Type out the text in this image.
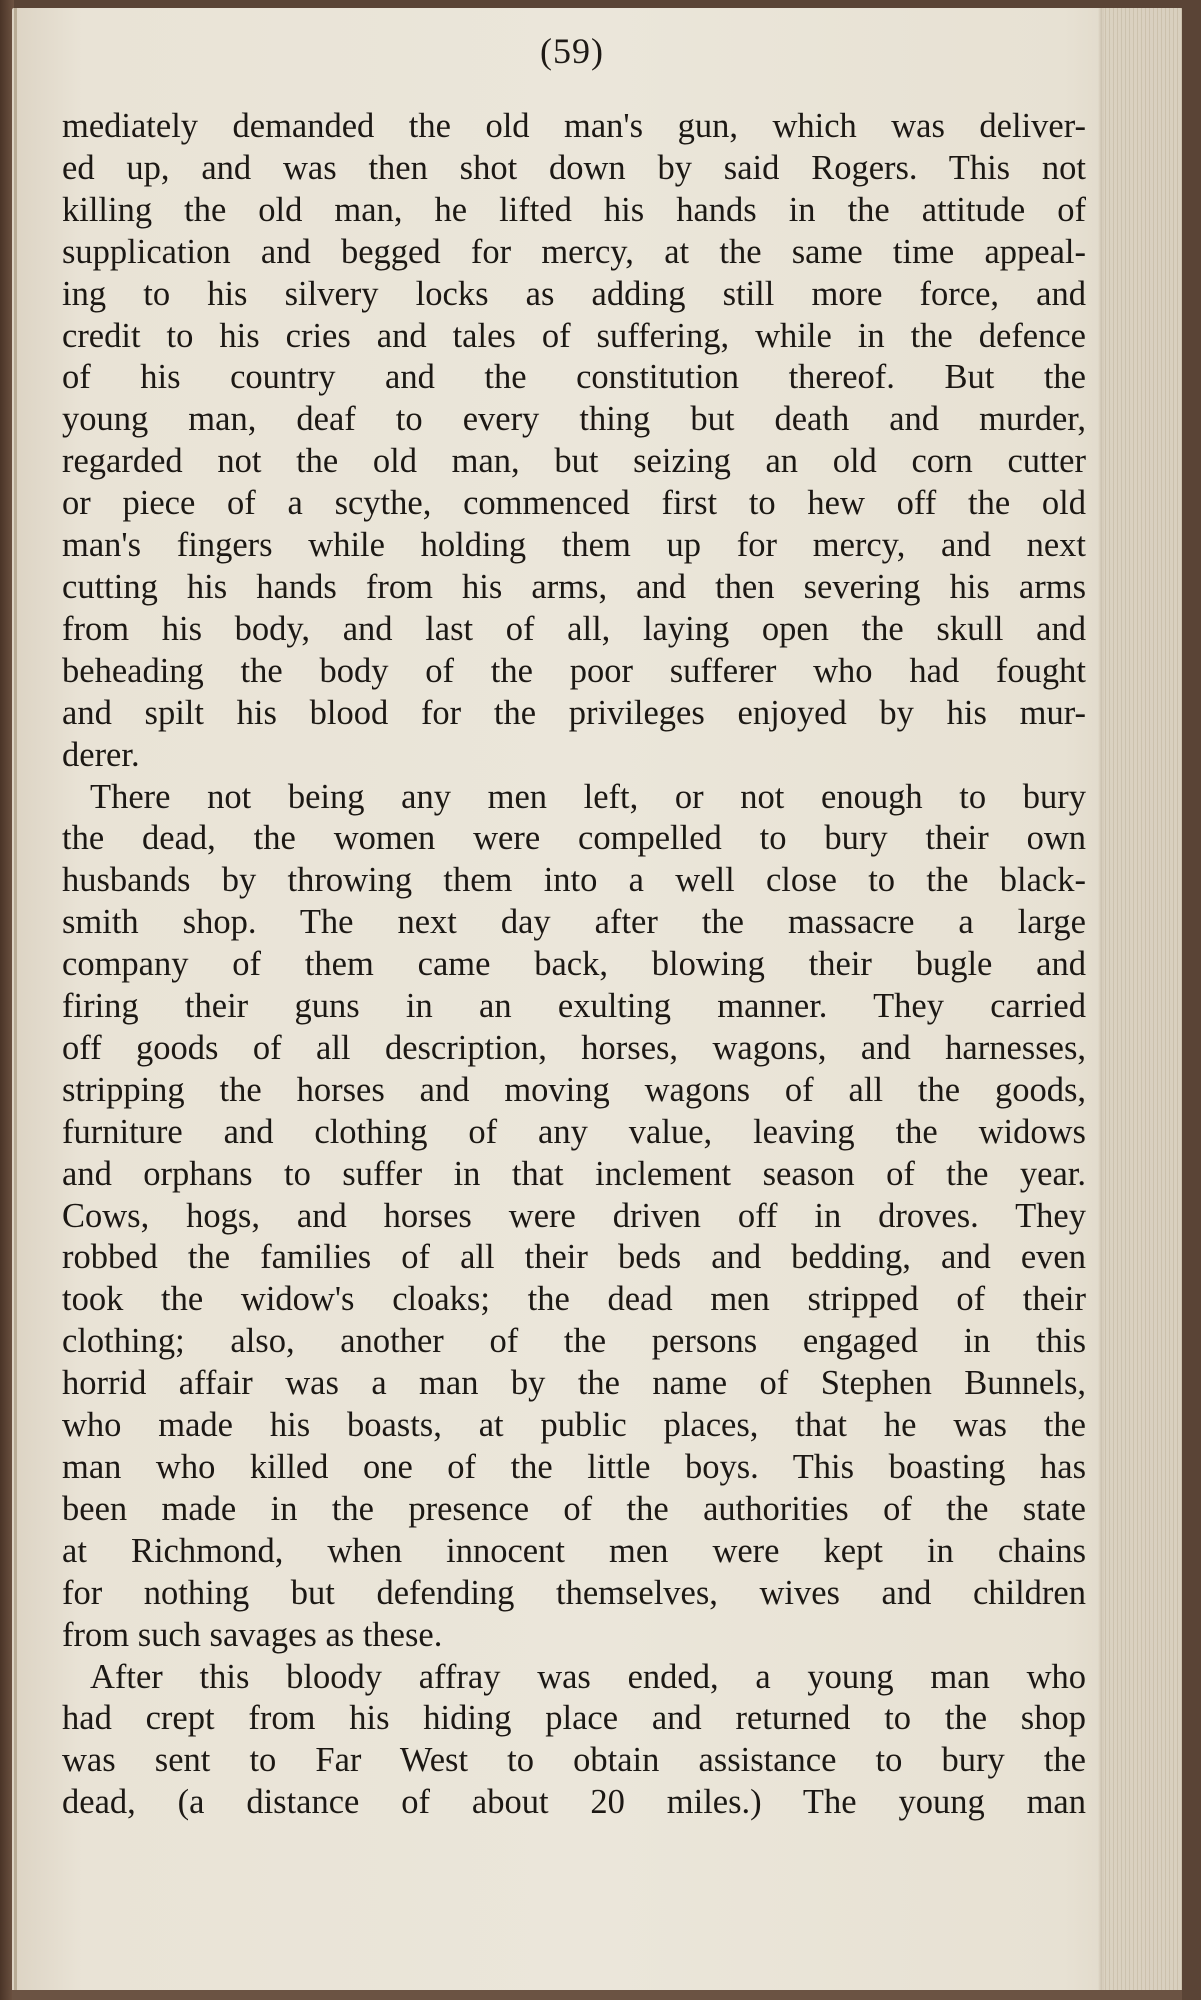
(59)
mediately demanded the old man's gun, which was deliver-
ed up, and was then shot down by said Rogers. This not
killing the old man, he lifted his hands in the attitude of
supplication and begged for mercy, at the same time appeal-
ing to his silvery locks as adding still more force, and
credit to his cries and tales of suffering, while in the defence
of his country and the constitution thereof. But the
young man, deaf to every thing but death and murder,
regarded not the old man, but seizing an old corn cutter
or piece of a scythe, commenced first to hew off the old
man's fingers while holding them up for mercy, and next
cutting his hands from his arms, and then severing his arms
from his body, and last of all, laying open the skull and
beheading the body of the poor sufferer who had fought
and spilt his blood for the privileges enjoyed by his mur-
derer.
There not being any men left, or not enough to bury
the dead, the women were compelled to bury their own
husbands by throwing them into a well close to the black-
smith shop. The next day after the massacre a large
company of them came back, blowing their bugle and
firing their guns in an exulting manner. They carried
off goods of all description, horses, wagons, and harnesses,
stripping the horses and moving wagons of all the goods,
furniture and clothing of any value, leaving the widows
and orphans to suffer in that inclement season of the year.
Cows, hogs, and horses were driven off in droves. They
robbed the families of all their beds and bedding, and even
took the widow's cloaks; the dead men stripped of their
clothing; also, another of the persons engaged in this
horrid affair was a man by the name of Stephen Bunnels,
who made his boasts, at public places, that he was the
man who killed one of the little boys. This boasting has
been made in the presence of the authorities of the state
at Richmond, when innocent men were kept in chains
for nothing but defending themselves, wives and children
from such savages as these.
After this bloody affray was ended, a young man who
had crept from his hiding place and returned to the shop
was sent to Far West to obtain assistance to bury the
dead, (a distance of about 20 miles.) The young man
